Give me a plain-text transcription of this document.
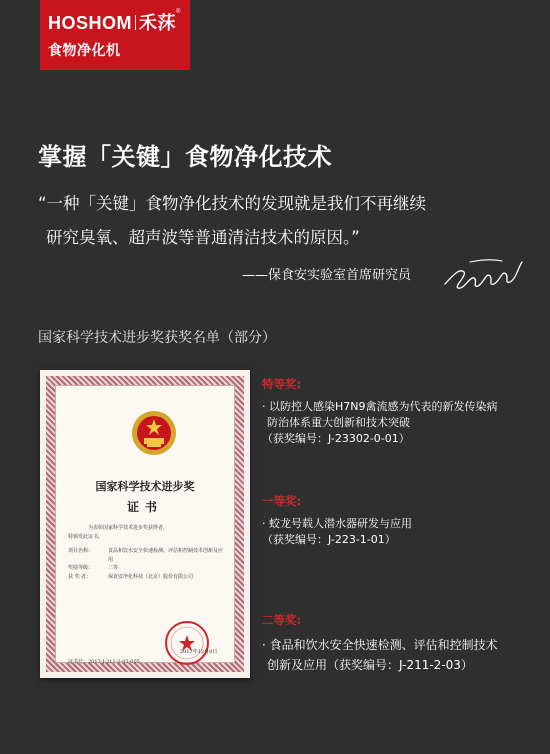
HOSHOM 禾莯®
食物净化机
掌握「关键」食物净化技术
“一种「关键」食物净化技术的发现就是我们不再继续
研究臭氧、超声波等普通清洁技术的原因。”
——保食安实验室首席研究员
国家科学技术进步奖获奖名单（部分）
国家科学技术进步奖
证书
为表彰国家科学技术进步奖获得者，
特颁发此证书。
项目名称：	食品和饮水安全快速检测、评估和控制技术创新及应用
奖励等级：	二等
获 奖 者：	保食安净化科技（北京）股份有限公司
2017年12月8日
证书号：2017-J-211-2-03-005
特等奖:
· 以防控人感染H7N9禽流感为代表的新发传染病
防治体系重大创新和技术突破
（获奖编号：J-23302-0-01）
一等奖:
· 蛟龙号载人潜水器研发与应用
（获奖编号：J-223-1-01）
二等奖:
· 食品和饮水安全快速检测、评估和控制技术
创新及应用（获奖编号：J-211-2-03）
